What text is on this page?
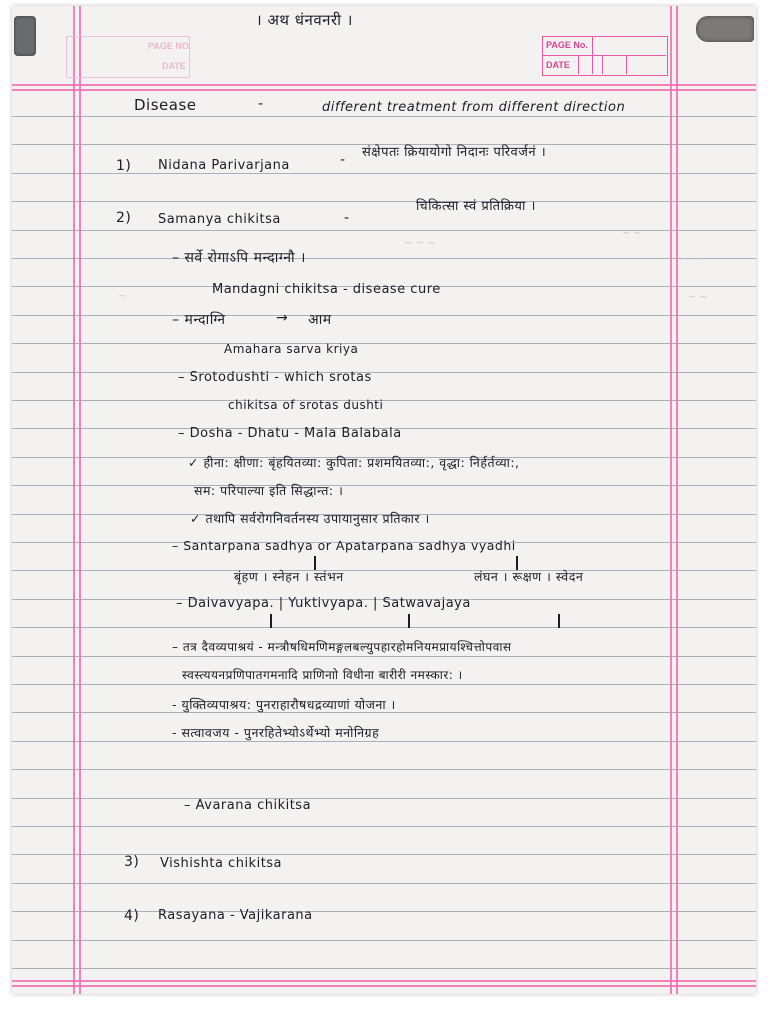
PAGE NO.
DATE
PAGE No.
DATE
~ ~ ~
~ ~
~
~ ~
~ ~
। अथ धंनवनरी ।
Disease	-	different treatment from different direction
1) Nidana Parivarjana	- संक्षेपतः क्रियायोगो निदानः परिवर्जनं ।
2) Samanya chikitsa	-
चिकित्सा स्वं प्रतिक्रिया ।
– सर्वे रोगाऽपि मन्दाग्नौ ।
Mandagni chikitsa - disease cure
– मन्दाग्नि	→ आम
Amahara sarva kriya
– Srotodushti - which srotas
chikitsa of srotas dushti
– Dosha - Dhatu - Mala Balabala
✓ हीना: क्षीणा: बृंहयितव्या: कुपिता: प्रशमयितव्या:, वृद्धा: निर्हर्तव्या:,
सम: परिपाल्या इति सिद्धान्त: ।
✓ तथापि सर्वरोगनिवर्तनस्य उपायानुसार प्रतिकार ।
– Santarpana sadhya or Apatarpana sadhya vyadhi
बृंहण । स्नेहन । स्तंभन	लंघन । रूक्षण । स्वेदन
– Daivavyapa. | Yuktivyapa. | Satwavajaya
– तत्र दैवव्यपाश्रयं - मन्त्रौषधिमणिमङ्गलबल्युपहारहोमनियमप्रायश्चित्तोपवास
स्वस्त्ययनप्रणिपातगमनादि प्राणिनाो विधीना बारीरी नमस्कार: ।
- युक्तिव्यपाश्रय: पुनराहारौषधद्रव्याणां योजना ।
- सत्वावजय - पुनरहितेभ्योऽर्थेभ्यो मनोनिग्रह
– Avarana chikitsa
3) Vishishta chikitsa
4) Rasayana - Vajikarana
